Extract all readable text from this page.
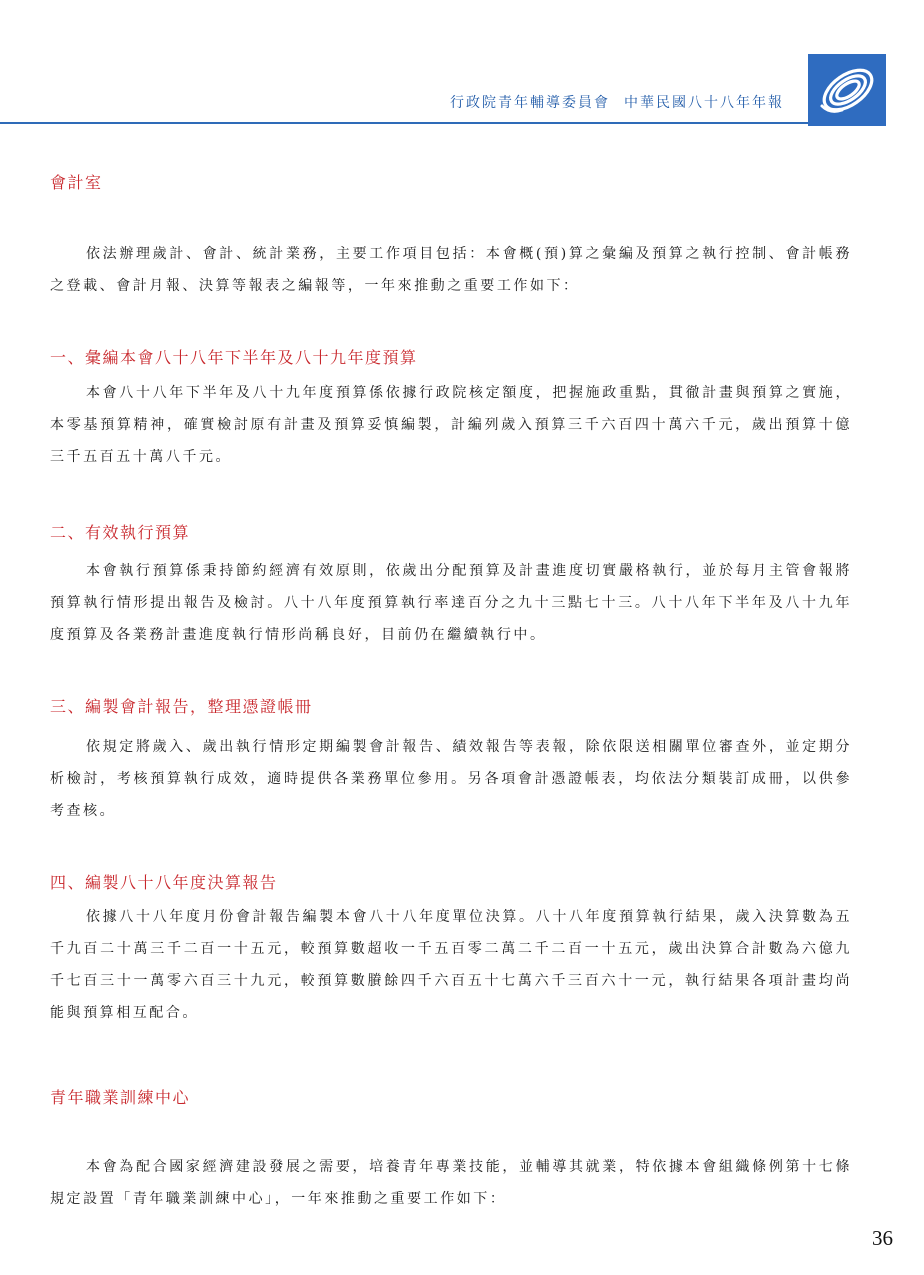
行政院青年輔導委員會 中華民國八十八年年報
會計室

依法辦理歲計、會計、統計業務，主要工作項目包括：本會概(預)算之彙編及預算之執行控制、會計帳務之登載、會計月報、決算等報表之編報等，一年來推動之重要工作如下：

一、彙編本會八十八年下半年及八十九年度預算

本會八十八年下半年及八十九年度預算係依據行政院核定額度，把握施政重點，貫徹計畫與預算之實施，本零基預算精神，確實檢討原有計畫及預算妥慎編製，計編列歲入預算三千六百四十萬六千元，歲出預算十億三千五百五十萬八千元。

二、有效執行預算

本會執行預算係秉持節約經濟有效原則，依歲出分配預算及計畫進度切實嚴格執行，並於每月主管會報將預算執行情形提出報告及檢討。八十八年度預算執行率達百分之九十三點七十三。八十八年下半年及八十九年度預算及各業務計畫進度執行情形尚稱良好，目前仍在繼續執行中。

三、編製會計報告，整理憑證帳冊

依規定將歲入、歲出執行情形定期編製會計報告、績效報告等表報，除依限送相關單位審查外，並定期分析檢討，考核預算執行成效，適時提供各業務單位參用。另各項會計憑證帳表，均依法分類裝訂成冊，以供參考查核。

四、編製八十八年度決算報告

依據八十八年度月份會計報告編製本會八十八年度單位決算。八十八年度預算執行結果，歲入決算數為五千九百二十萬三千二百一十五元，較預算數超收一千五百零二萬二千二百一十五元，歲出決算合計數為六億九千七百三十一萬零六百三十九元，較預算數賸餘四千六百五十七萬六千三百六十一元，執行結果各項計畫均尚能與預算相互配合。

青年職業訓練中心

本會為配合國家經濟建設發展之需要，培養青年專業技能，並輔導其就業，特依據本會組織條例第十七條規定設置「青年職業訓練中心」，一年來推動之重要工作如下：

36
